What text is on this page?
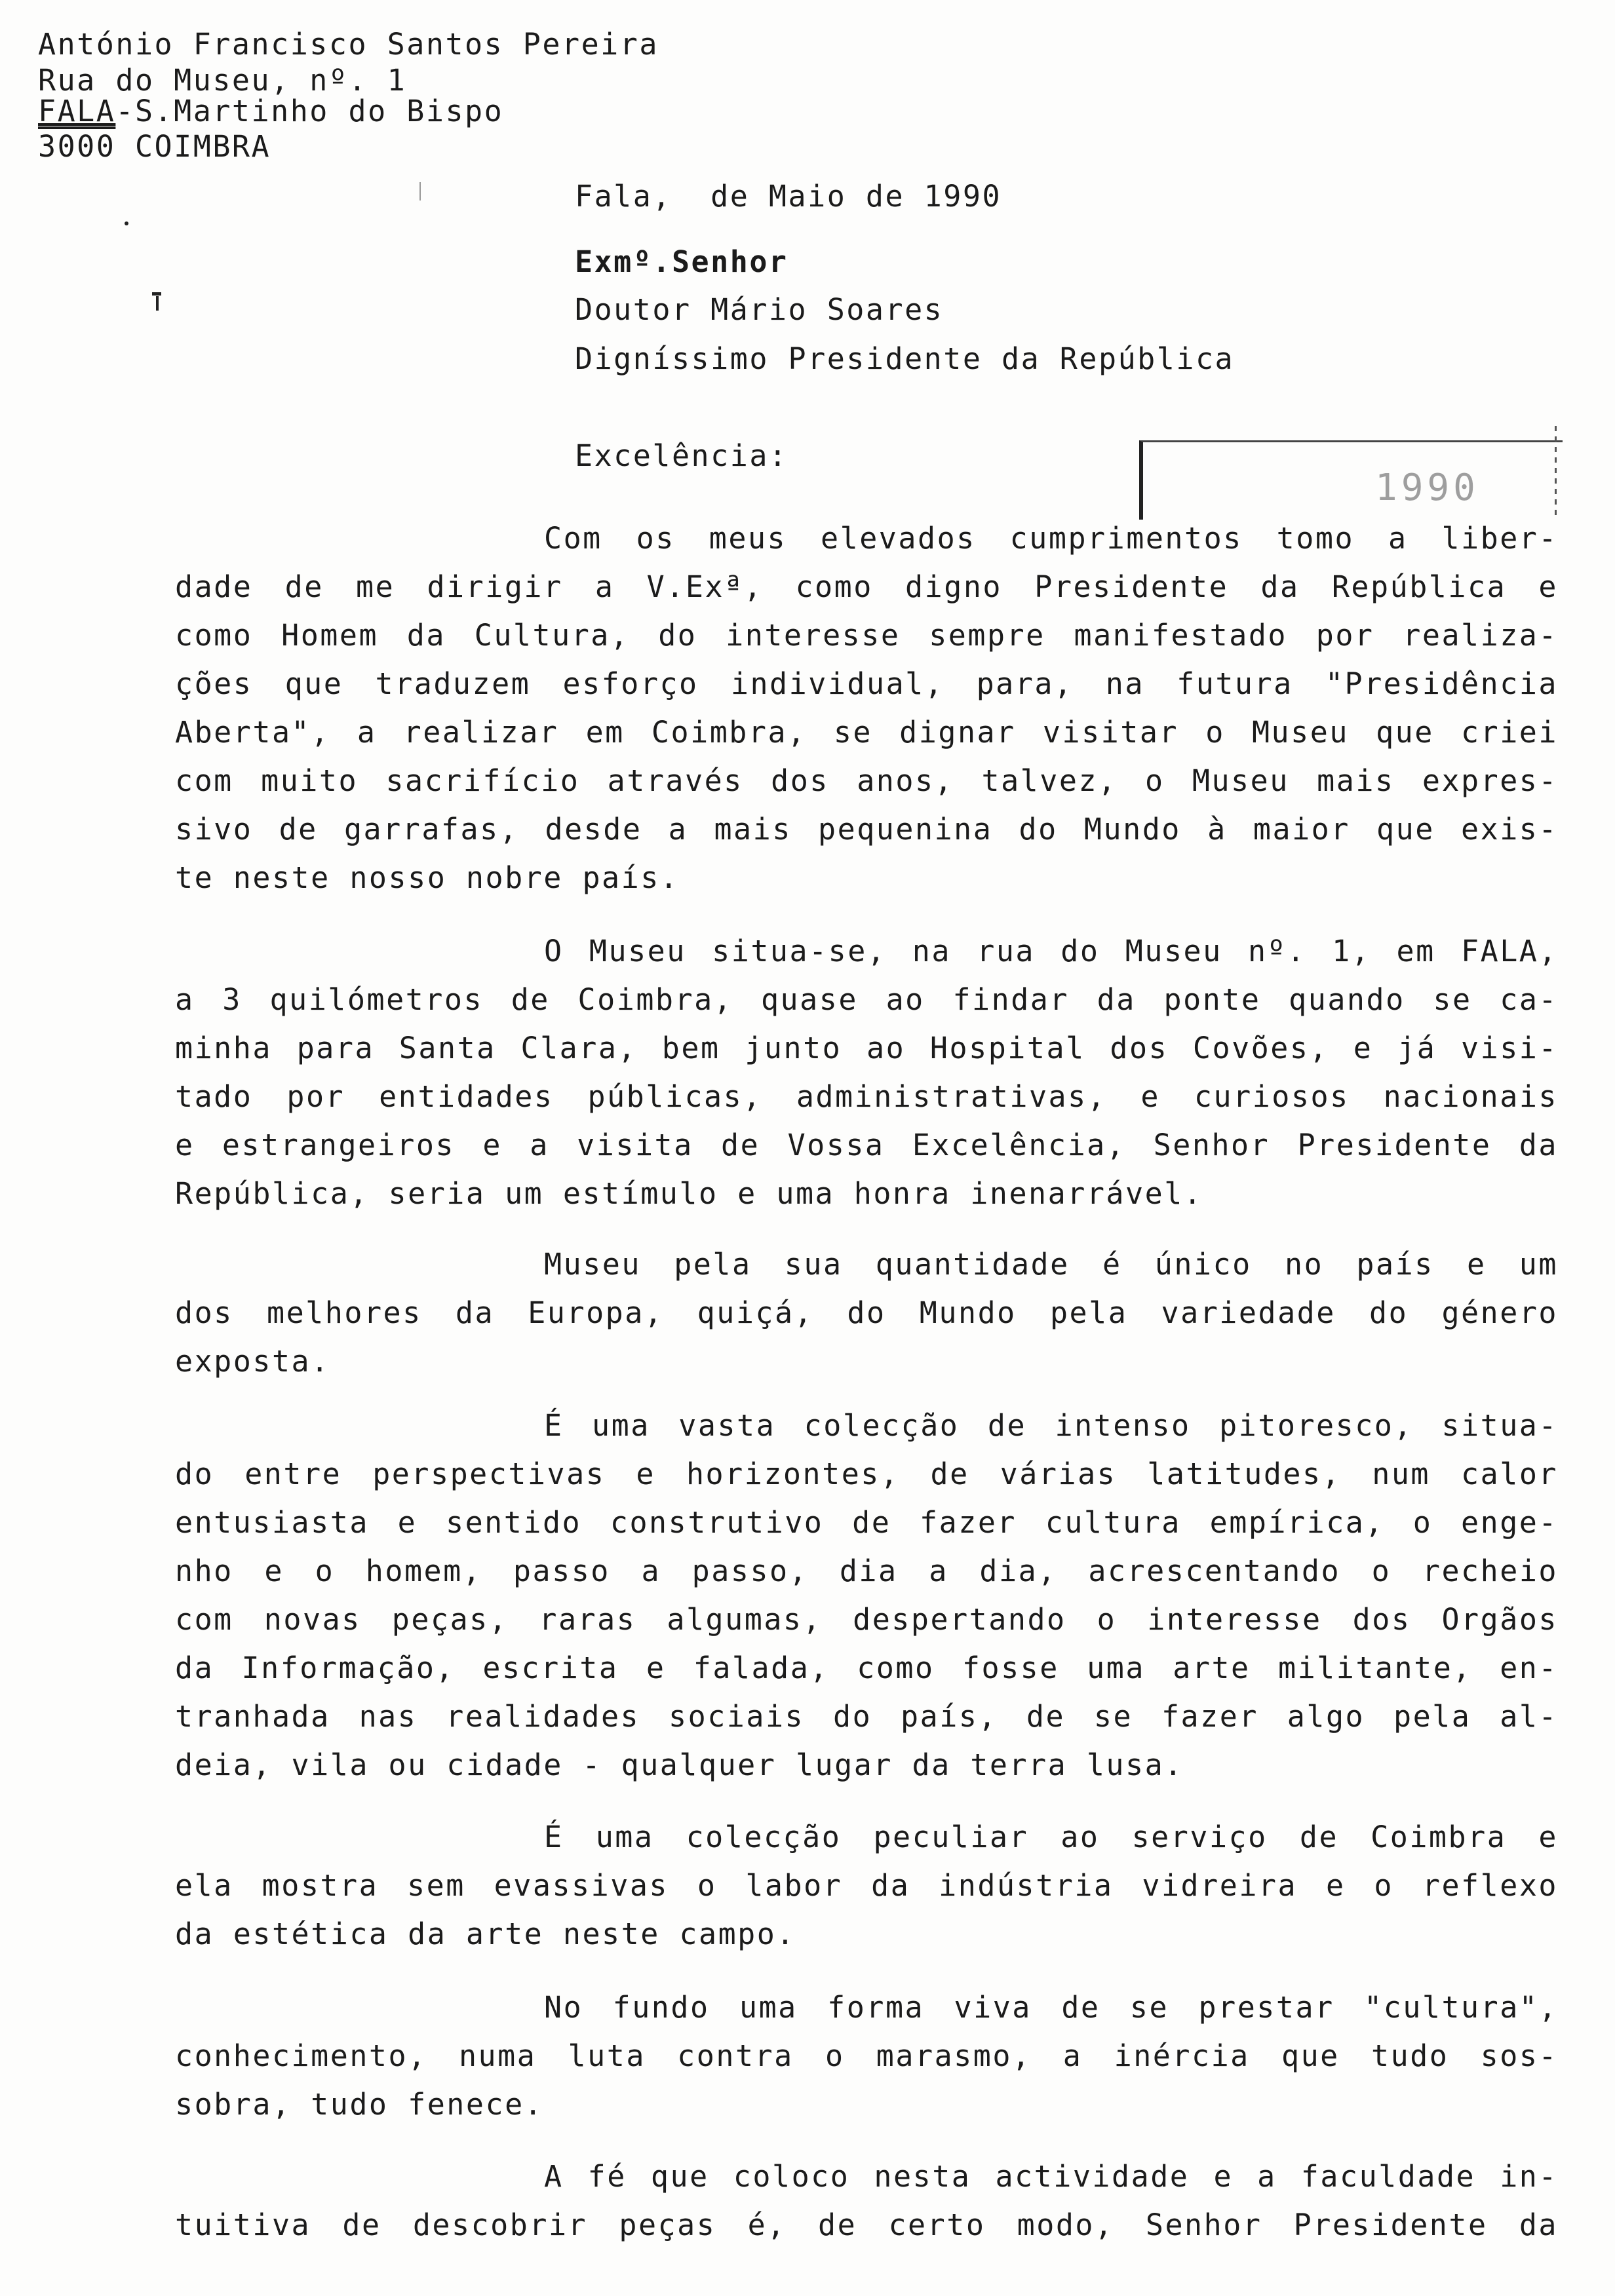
António Francisco Santos Pereira
Rua do Museu, nº. 1
FALA-S.Martinho do Bispo
3000 COIMBRA
Fala,  de Maio de 1990
Exmº.Senhor
Doutor Mário Soares
Digníssimo Presidente da República
Excelência:
1990
Com os meus elevados cumprimentos tomo a liber-
dade de me dirigir a V.Exª, como digno Presidente da República e
como Homem da Cultura, do interesse sempre manifestado por realiza-
ções que traduzem esforço individual, para, na futura "Presidência
Aberta", a realizar em Coimbra, se dignar visitar o Museu que criei
com muito sacrifício através dos anos, talvez, o Museu mais expres-
sivo de garrafas, desde a mais pequenina do Mundo à maior que exis-
te neste nosso nobre país.
O Museu situa-se, na rua do Museu nº. 1, em FALA,
a 3 quilómetros de Coimbra, quase ao findar da ponte quando se ca-
minha para Santa Clara, bem junto ao Hospital dos Covões, e já visi-
tado por entidades públicas, administrativas, e curiosos nacionais
e estrangeiros e a visita de Vossa Excelência, Senhor Presidente da
República, seria um estímulo e uma honra inenarrável.
Museu pela sua quantidade é único no país e um
dos melhores da Europa, quiçá, do Mundo pela variedade do género
exposta.
É uma vasta colecção de intenso pitoresco, situa-
do entre perspectivas e horizontes, de várias latitudes, num calor
entusiasta e sentido construtivo de fazer cultura empírica, o enge-
nho e o homem, passo a passo, dia a dia, acrescentando o recheio
com novas peças, raras algumas, despertando o interesse dos Orgãos
da Informação, escrita e falada, como fosse uma arte militante, en-
tranhada nas realidades sociais do país, de se fazer algo pela al-
deia, vila ou cidade - qualquer lugar da terra lusa.
É uma colecção peculiar ao serviço de Coimbra e
ela mostra sem evassivas o labor da indústria vidreira e o reflexo
da estética da arte neste campo.
No fundo uma forma viva de se prestar "cultura",
conhecimento, numa luta contra o marasmo, a inércia que tudo sos-
sobra, tudo fenece.
A fé que coloco nesta actividade e a faculdade in-
tuitiva de descobrir peças é, de certo modo, Senhor Presidente da
